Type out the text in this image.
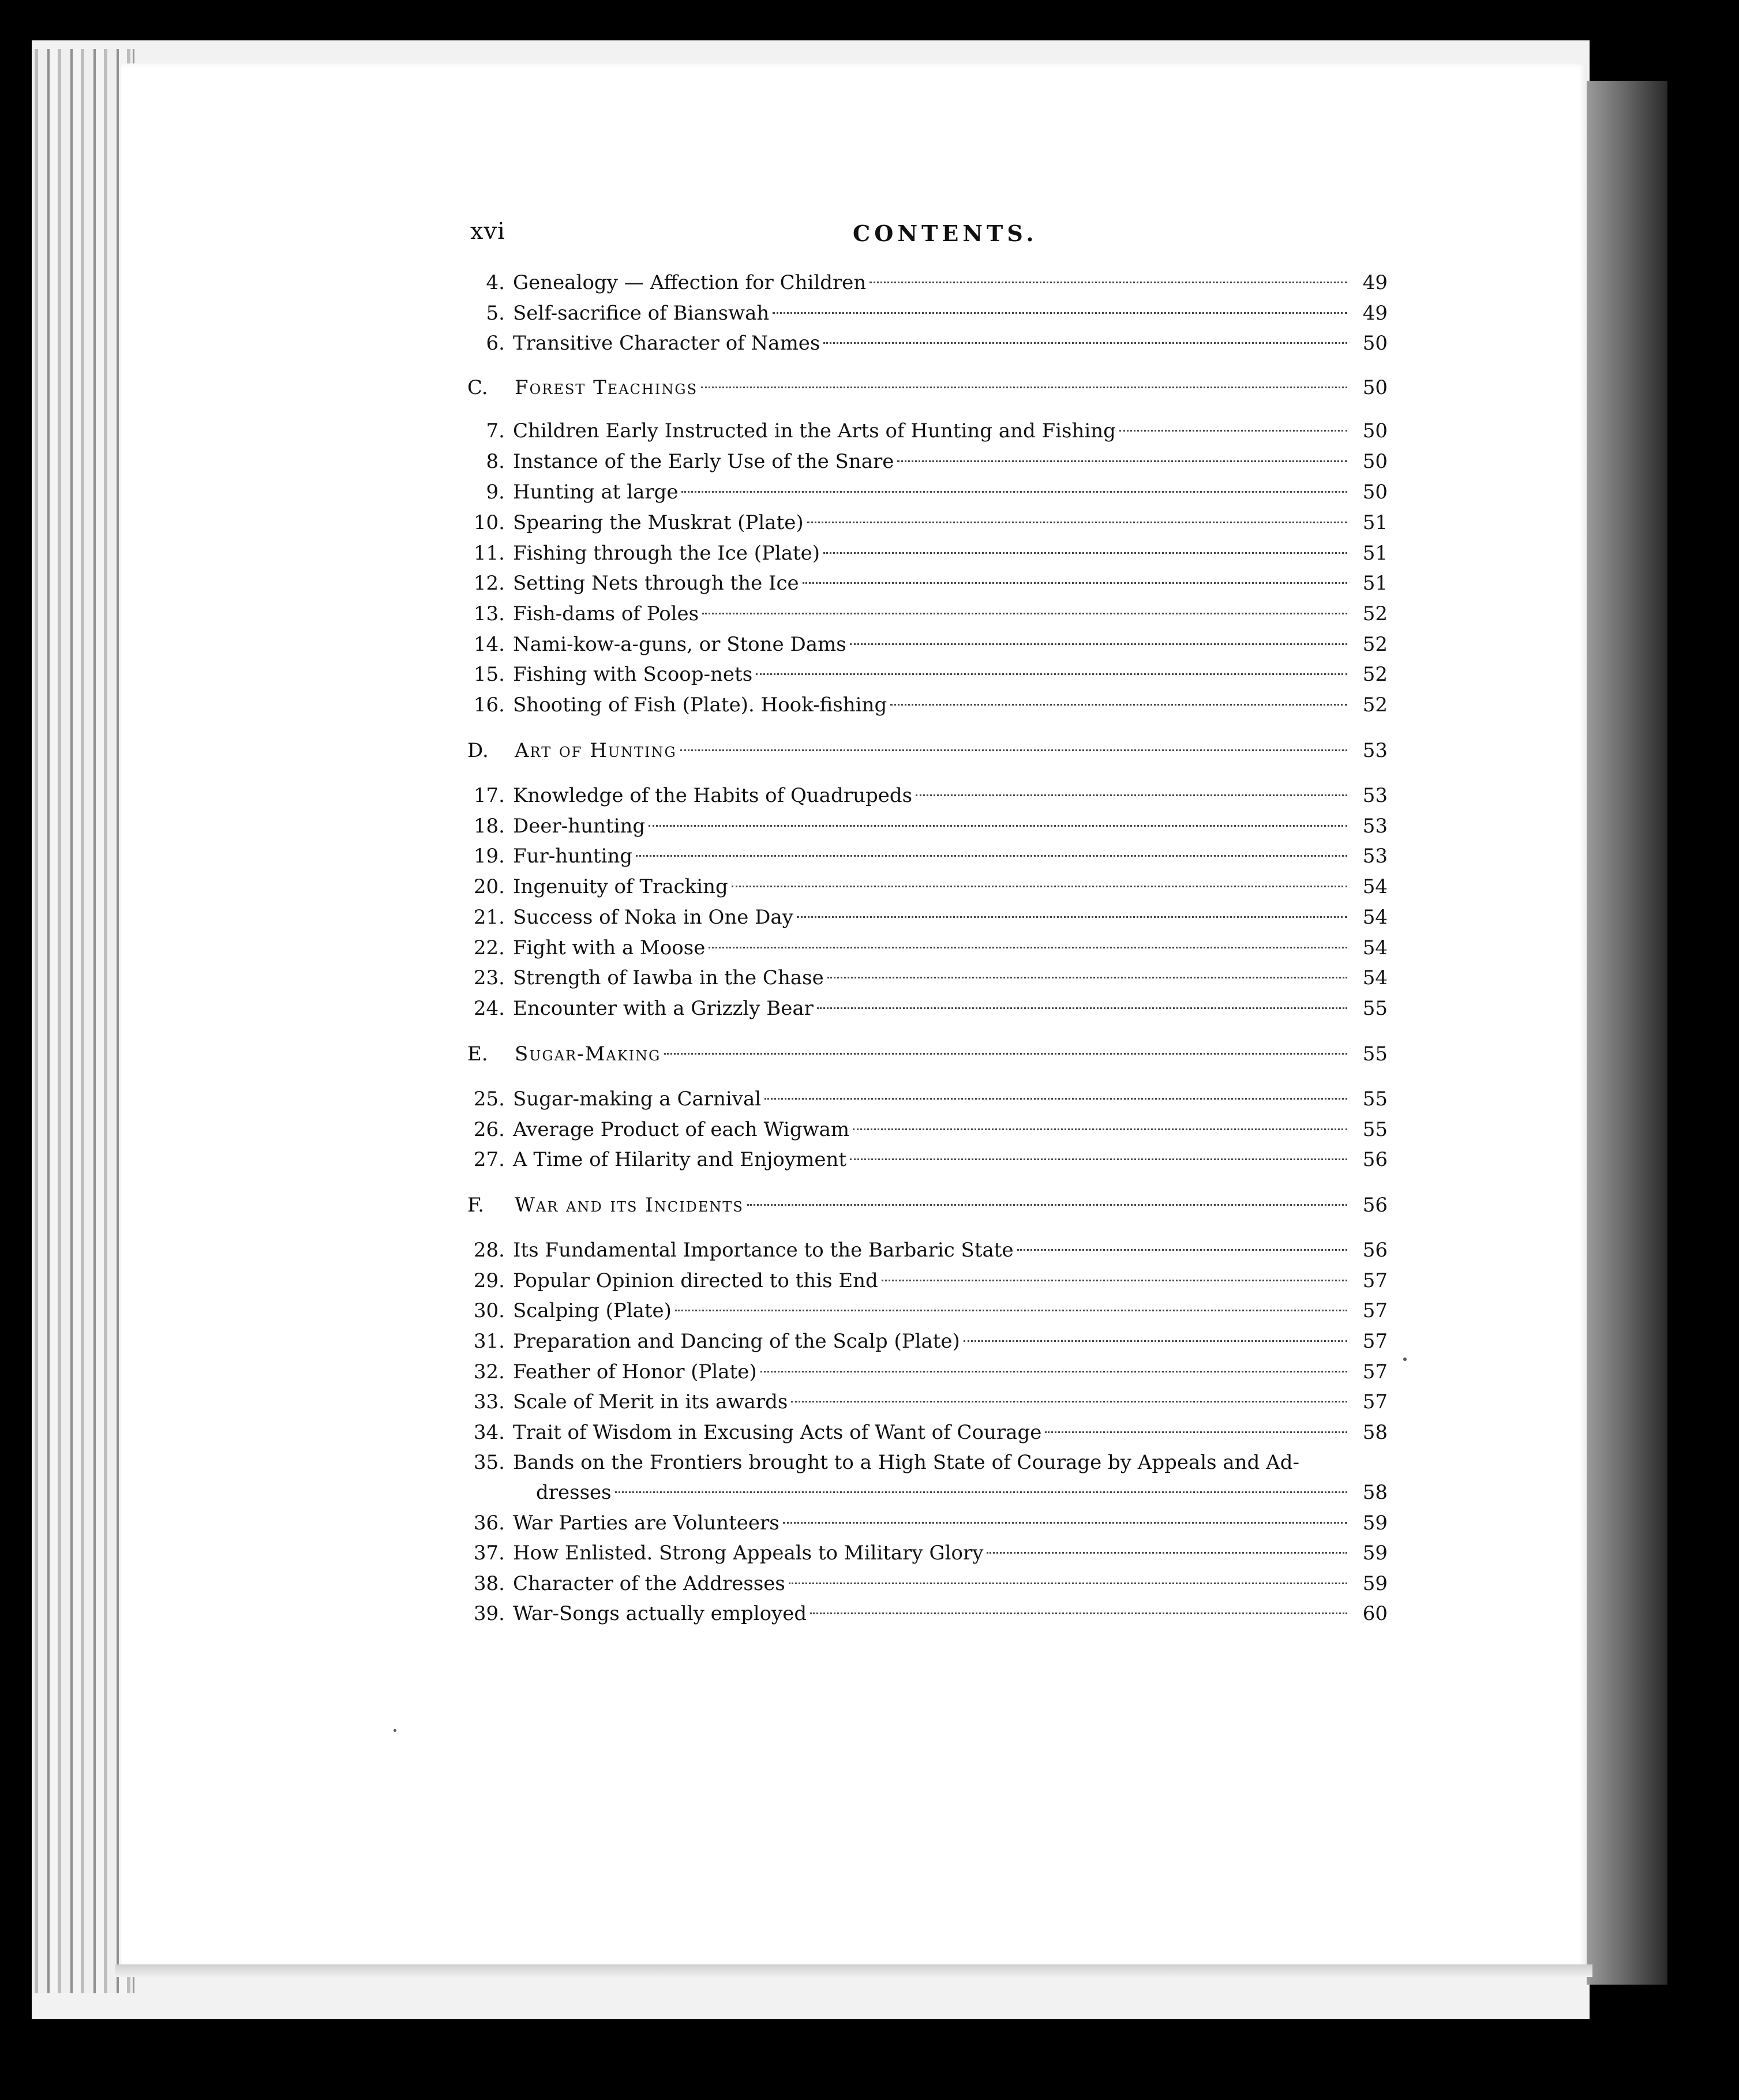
xvi	CONTENTS.
4. Genealogy — Affection for Children	49
5. Self-sacrifice of Bianswah	49
6. Transitive Character of Names	50
C.	Forest Teachings	50
7. Children Early Instructed in the Arts of Hunting and Fishing	50
8. Instance of the Early Use of the Snare	50
9. Hunting at large	50
10. Spearing the Muskrat (Plate)	51
11. Fishing through the Ice (Plate)	51
12. Setting Nets through the Ice	51
13. Fish-dams of Poles	52
14. Nami-kow-a-guns, or Stone Dams	52
15. Fishing with Scoop-nets	52
16. Shooting of Fish (Plate). Hook-fishing	52
D.	Art of Hunting	53
17. Knowledge of the Habits of Quadrupeds	53
18. Deer-hunting	53
19. Fur-hunting	53
20. Ingenuity of Tracking	54
21. Success of Noka in One Day	54
22. Fight with a Moose	54
23. Strength of Iawba in the Chase	54
24. Encounter with a Grizzly Bear	55
E.	Sugar-Making	55
25. Sugar-making a Carnival	55
26. Average Product of each Wigwam	55
27. A Time of Hilarity and Enjoyment	56
F.	War and its Incidents	56
28. Its Fundamental Importance to the Barbaric State	56
29. Popular Opinion directed to this End	57
30. Scalping (Plate)	57
31. Preparation and Dancing of the Scalp (Plate)	57
32. Feather of Honor (Plate)	57
33. Scale of Merit in its awards	57
34. Trait of Wisdom in Excusing Acts of Want of Courage	58
35. Bands on the Frontiers brought to a High State of Courage by Appeals and Ad-
dresses	58
36. War Parties are Volunteers	59
37. How Enlisted. Strong Appeals to Military Glory	59
38. Character of the Addresses	59
39. War-Songs actually employed	60
